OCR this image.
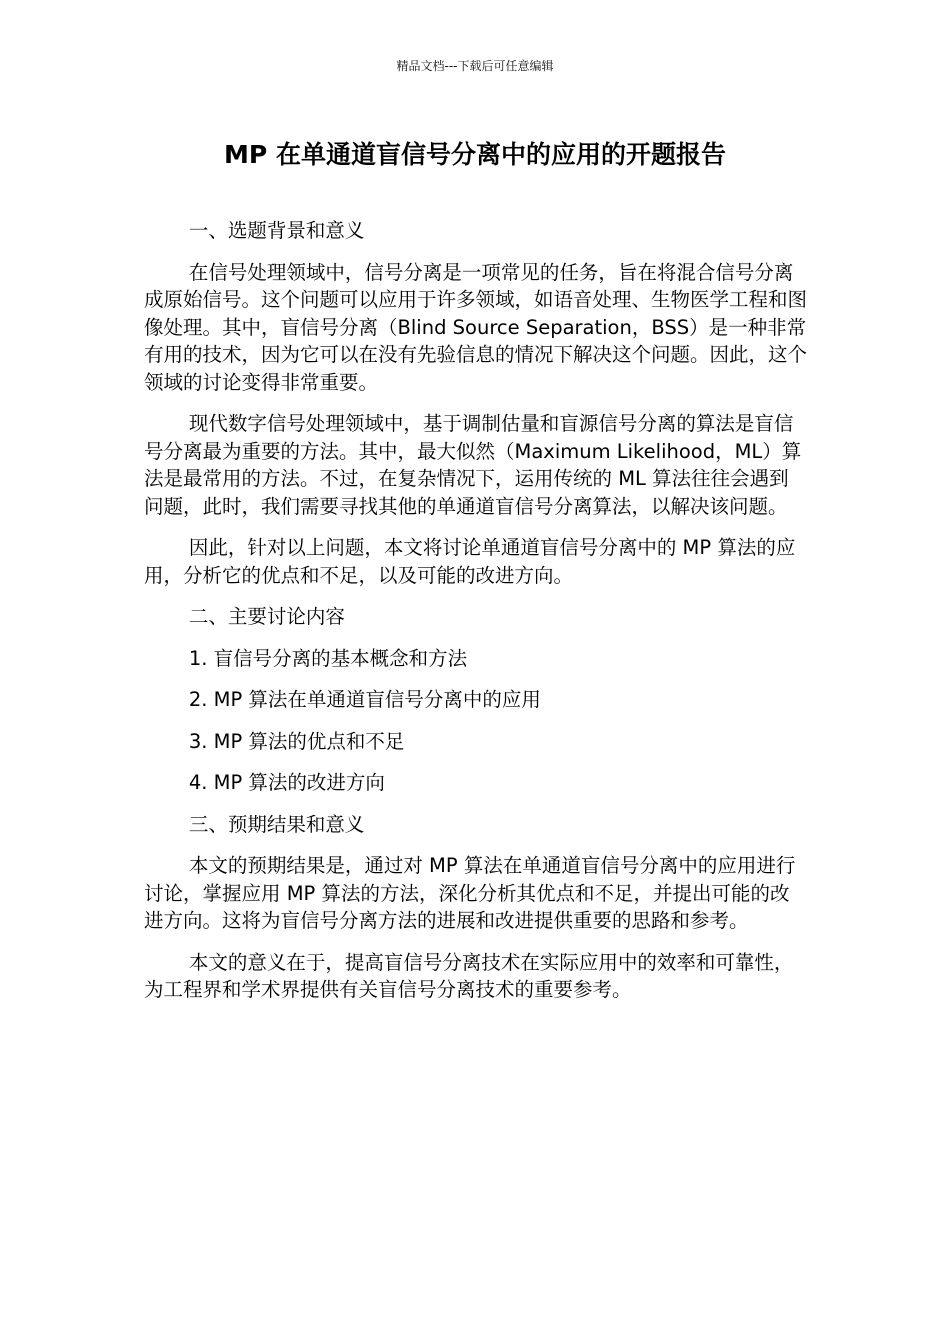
精品文档---下载后可任意编辑
MP 在单通道盲信号分离中的应用的开题报告

一、选题背景和意义

在信号处理领域中，信号分离是一项常见的任务，旨在将混合信号分离成原始信号。这个问题可以应用于许多领域，如语音处理、生物医学工程和图像处理。其中，盲信号分离（Blind Source Separation，BSS）是一种非常有用的技术，因为它可以在没有先验信息的情况下解决这个问题。因此，这个领域的讨论变得非常重要。

现代数字信号处理领域中，基于调制估量和盲源信号分离的算法是盲信号分离最为重要的方法。其中，最大似然（Maximum Likelihood，ML）算法是最常用的方法。不过，在复杂情况下，运用传统的 ML 算法往往会遇到问题，此时，我们需要寻找其他的单通道盲信号分离算法，以解决该问题。

因此，针对以上问题，本文将讨论单通道盲信号分离中的 MP 算法的应用，分析它的优点和不足，以及可能的改进方向。

二、主要讨论内容

1. 盲信号分离的基本概念和方法

2. MP 算法在单通道盲信号分离中的应用

3. MP 算法的优点和不足

4. MP 算法的改进方向

三、预期结果和意义

本文的预期结果是，通过对 MP 算法在单通道盲信号分离中的应用进行讨论，掌握应用 MP 算法的方法，深化分析其优点和不足，并提出可能的改进方向。这将为盲信号分离方法的进展和改进提供重要的思路和参考。

本文的意义在于，提高盲信号分离技术在实际应用中的效率和可靠性，为工程界和学术界提供有关盲信号分离技术的重要参考。
